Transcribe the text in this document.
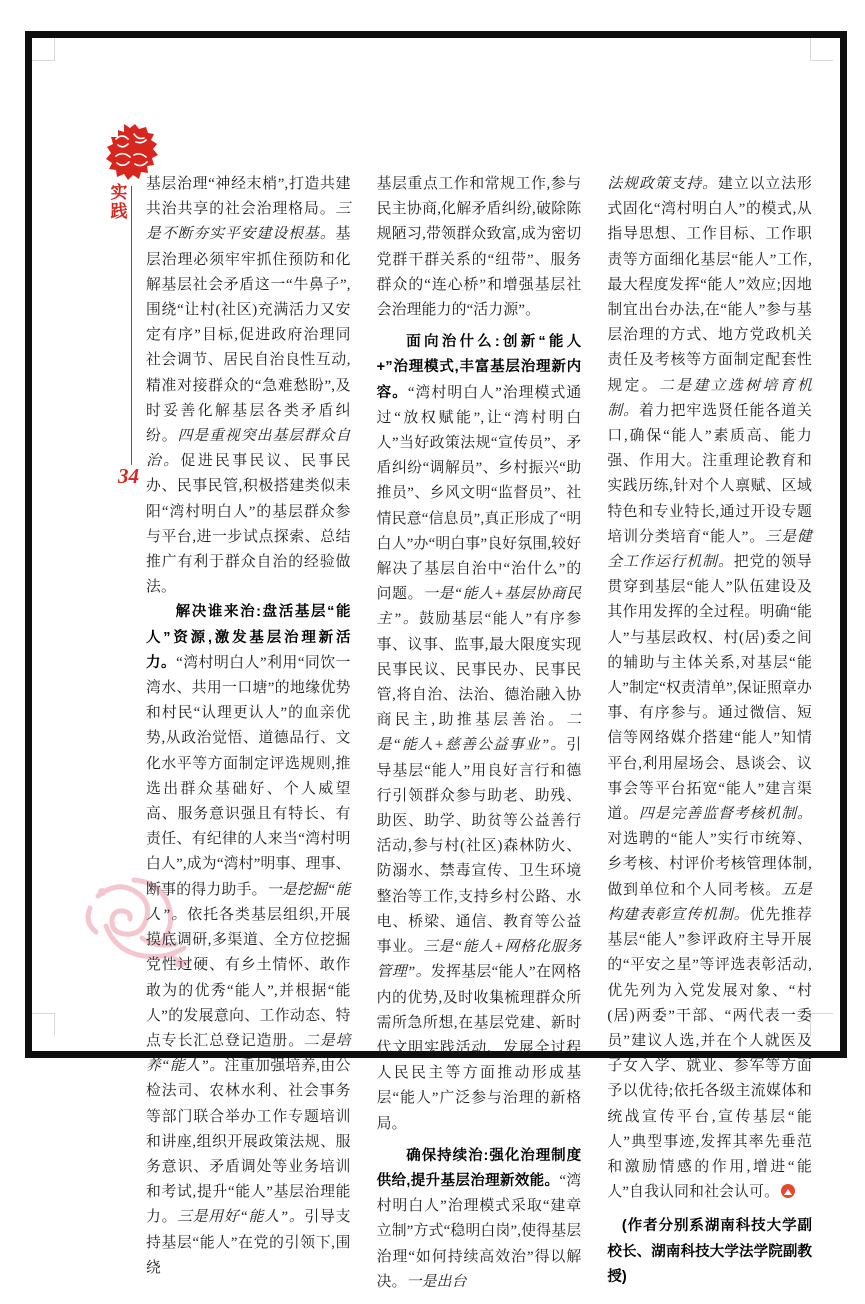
实践
34

基层治理“神经末梢”,打造共建共治共享的社会治理格局。三是不断夯实平安建设根基。基层治理必须牢牢抓住预防和化解基层社会矛盾这一“牛鼻子”,围绕“让村(社区)充满活力又安定有序”目标,促进政府治理同社会调节、居民自治良性互动,精准对接群众的“急难愁盼”,及时妥善化解基层各类矛盾纠纷。四是重视突出基层群众自治。促进民事民议、民事民办、民事民管,积极搭建类似耒阳“湾村明白人”的基层群众参与平台,进一步试点探索、总结推广有利于群众自治的经验做法。

解决谁来治:盘活基层“能人”资源,激发基层治理新活力。“湾村明白人”利用“同饮一湾水、共用一口塘”的地缘优势和村民“认理更认人”的血亲优势,从政治觉悟、道德品行、文化水平等方面制定评选规则,推选出群众基础好、个人威望高、服务意识强且有特长、有责任、有纪律的人来当“湾村明白人”,成为“湾村”明事、理事、断事的得力助手。一是挖掘“能人”。依托各类基层组织,开展摸底调研,多渠道、全方位挖掘党性过硬、有乡土情怀、敢作敢为的优秀“能人”,并根据“能人”的发展意向、工作动态、特点专长汇总登记造册。二是培养“能人”。注重加强培养,由公检法司、农林水利、社会事务等部门联合举办工作专题培训和讲座,组织开展政策法规、服务意识、矛盾调处等业务培训和考试,提升“能人”基层治理能力。三是用好“能人”。引导支持基层“能人”在党的引领下,围绕

基层重点工作和常规工作,参与民主协商,化解矛盾纠纷,破除陈规陋习,带领群众致富,成为密切党群干群关系的“纽带”、服务群众的“连心桥”和增强基层社会治理能力的“活力源”。

面向治什么:创新“能人+”治理模式,丰富基层治理新内容。“湾村明白人”治理模式通过“放权赋能”,让“湾村明白人”当好政策法规“宣传员”、矛盾纠纷“调解员”、乡村振兴“助推员”、乡风文明“监督员”、社情民意“信息员”,真正形成了“明白人”办“明白事”良好氛围,较好解决了基层自治中“治什么”的问题。一是“能人+基层协商民主”。鼓励基层“能人”有序参事、议事、监事,最大限度实现民事民议、民事民办、民事民管,将自治、法治、德治融入协商民主,助推基层善治。二是“能人+慈善公益事业”。引导基层“能人”用良好言行和德行引领群众参与助老、助残、助医、助学、助贫等公益善行活动,参与村(社区)森林防火、防溺水、禁毒宣传、卫生环境整治等工作,支持乡村公路、水电、桥梁、通信、教育等公益事业。三是“能人+网格化服务管理”。发挥基层“能人”在网格内的优势,及时收集梳理群众所需所急所想,在基层党建、新时代文明实践活动、发展全过程人民民主等方面推动形成基层“能人”广泛参与治理的新格局。

确保持续治:强化治理制度供给,提升基层治理新效能。“湾村明白人”治理模式采取“建章立制”方式“稳明白岗”,使得基层治理“如何持续高效治”得以解决。一是出台

法规政策支持。建立以立法形式固化“湾村明白人”的模式,从指导思想、工作目标、工作职责等方面细化基层“能人”工作,最大程度发挥“能人”效应;因地制宜出台办法,在“能人”参与基层治理的方式、地方党政机关责任及考核等方面制定配套性规定。二是建立选树培育机制。着力把牢选贤任能各道关口,确保“能人”素质高、能力强、作用大。注重理论教育和实践历练,针对个人禀赋、区域特色和专业特长,通过开设专题培训分类培育“能人”。三是健全工作运行机制。把党的领导贯穿到基层“能人”队伍建设及其作用发挥的全过程。明确“能人”与基层政权、村(居)委之间的辅助与主体关系,对基层“能人”制定“权责清单”,保证照章办事、有序参与。通过微信、短信等网络媒介搭建“能人”知情平台,利用屋场会、恳谈会、议事会等平台拓宽“能人”建言渠道。四是完善监督考核机制。对选聘的“能人”实行市统筹、乡考核、村评价考核管理体制,做到单位和个人同考核。五是构建表彰宣传机制。优先推荐基层“能人”参评政府主导开展的“平安之星”等评选表彰活动,优先列为入党发展对象、“村(居)两委”干部、“两代表一委员”建议人选,并在个人就医及子女入学、就业、参军等方面予以优待;依托各级主流媒体和统战宣传平台,宣传基层“能人”典型事迹,发挥其率先垂范和激励情感的作用,增进“能人”自我认同和社会认可。

(作者分别系湖南科技大学副校长、湖南科技大学法学院副教授)
